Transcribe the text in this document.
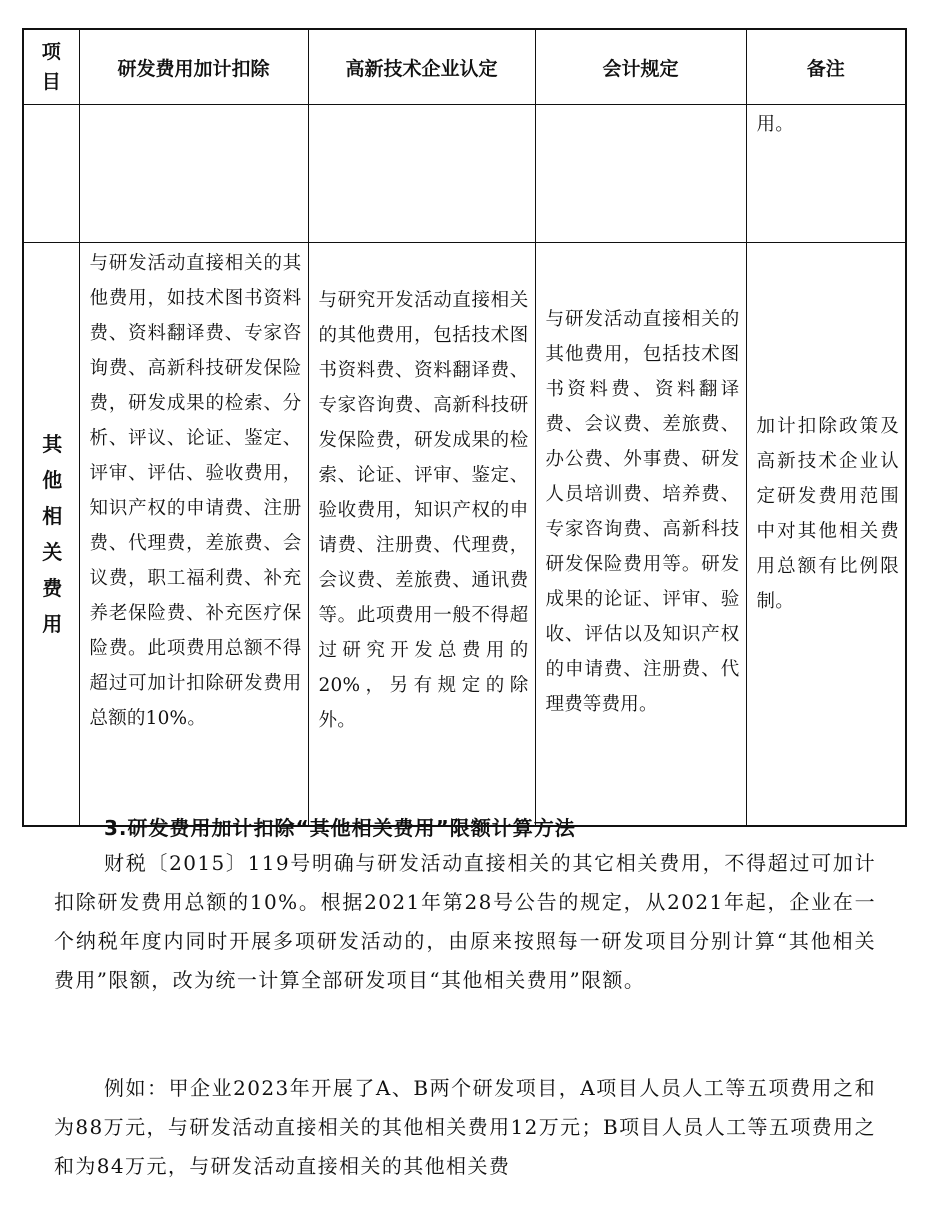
项目	研发费用加计扣除	高新技术企业认定	会计规定	备注

				用。

其他相关费用	与研发活动直接相关的其他费用，如技术图书资料费、资料翻译费、专家咨询费、高新科技研发保险费，研发成果的检索、分析、评议、论证、鉴定、评审、评估、验收费用，知识产权的申请费、注册费、代理费，差旅费、会议费，职工福利费、补充养老保险费、补充医疗保险费。此项费用总额不得超过可加计扣除研发费用总额的10%。	与研究开发活动直接相关的其他费用，包括技术图书资料费、资料翻译费、专家咨询费、高新科技研发保险费，研发成果的检索、论证、评审、鉴定、验收费用，知识产权的申请费、注册费、代理费，会议费、差旅费、通讯费等。此项费用一般不得超过研究开发总费用的20%，另有规定的除外。	与研发活动直接相关的其他费用，包括技术图书资料费、资料翻译费、会议费、差旅费、办公费、外事费、研发人员培训费、培养费、专家咨询费、高新科技研发保险费用等。研发成果的论证、评审、验收、评估以及知识产权的申请费、注册费、代理费等费用。	加计扣除政策及高新技术企业认定研发费用范围中对其他相关费用总额有比例限制。
3.研发费用加计扣除“其他相关费用”限额计算方法
财税〔2015〕119号明确与研发活动直接相关的其它相关费用，不得超过可加计扣除研发费用总额的10%。根据2021年第28号公告的规定，从2021年起，企业在一个纳税年度内同时开展多项研发活动的，由原来按照每一研发项目分别计算“其他相关费用”限额，改为统一计算全部研发项目“其他相关费用”限额。
例如：甲企业2023年开展了A、B两个研发项目，A项目人员人工等五项费用之和为88万元，与研发活动直接相关的其他相关费用12万元；B项目人员人工等五项费用之和为84万元，与研发活动直接相关的其他相关费
